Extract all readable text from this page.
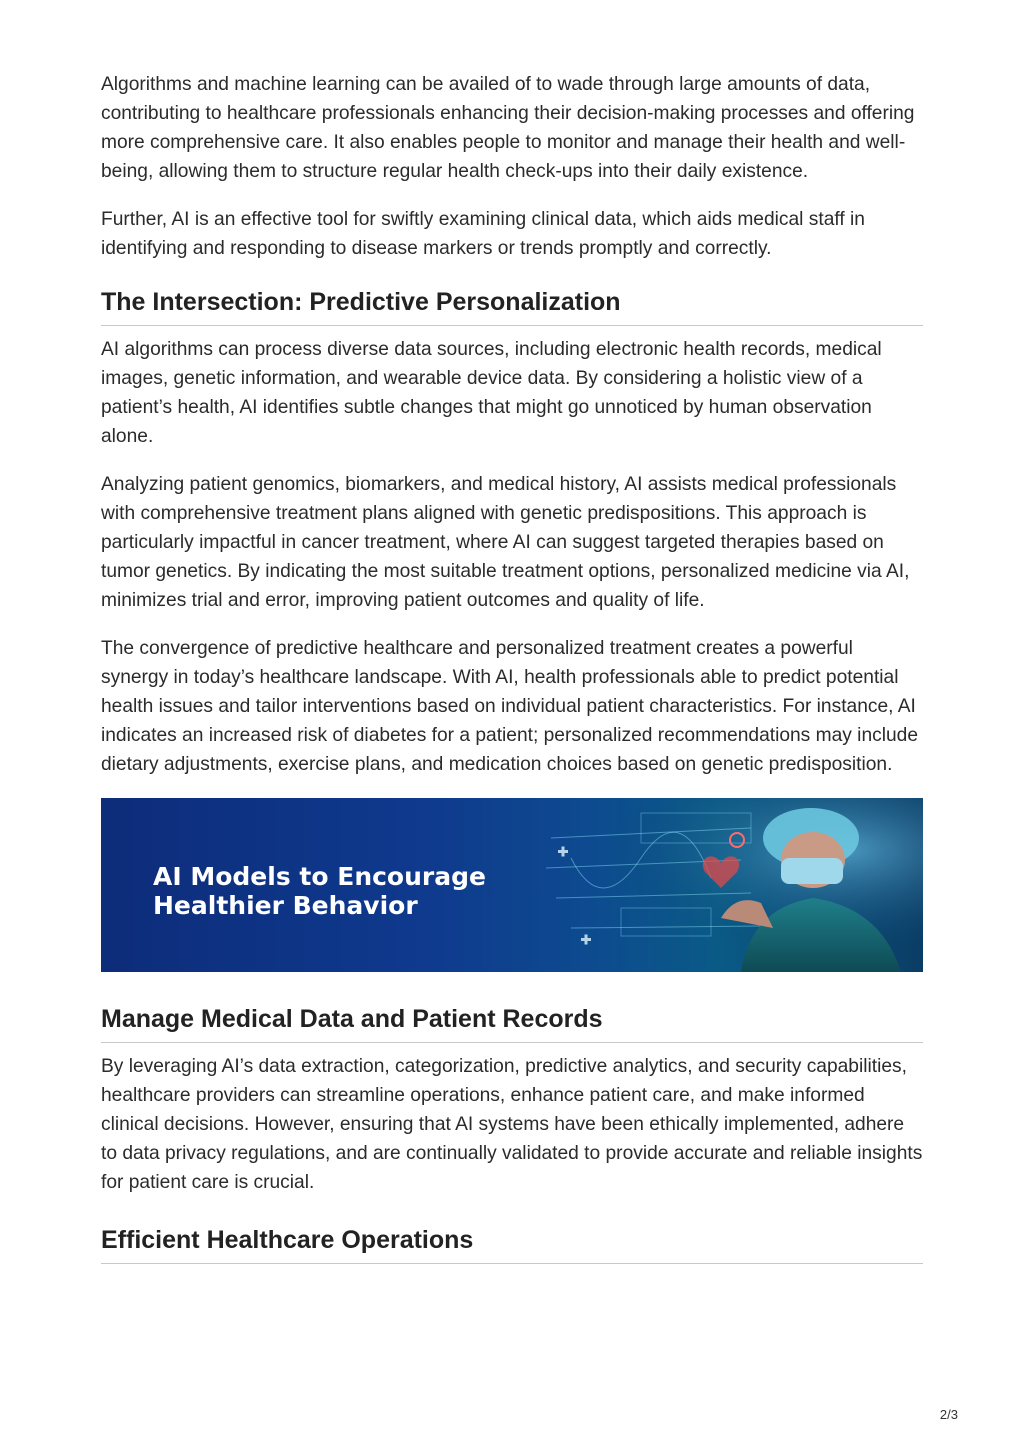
Algorithms and machine learning can be availed of to wade through large amounts of data, contributing to healthcare professionals enhancing their decision-making processes and offering more comprehensive care. It also enables people to monitor and manage their health and well-being, allowing them to structure regular health check-ups into their daily existence.

Further, AI is an effective tool for swiftly examining clinical data, which aids medical staff in identifying and responding to disease markers or trends promptly and correctly.

The Intersection: Predictive Personalization

AI algorithms can process diverse data sources, including electronic health records, medical images, genetic information, and wearable device data. By considering a holistic view of a patient’s health, AI identifies subtle changes that might go unnoticed by human observation alone.

Analyzing patient genomics, biomarkers, and medical history, AI assists medical professionals with comprehensive treatment plans aligned with genetic predispositions. This approach is particularly impactful in cancer treatment, where AI can suggest targeted therapies based on tumor genetics. By indicating the most suitable treatment options, personalized medicine via AI, minimizes trial and error, improving patient outcomes and quality of life.

The convergence of predictive healthcare and personalized treatment creates a powerful synergy in today’s healthcare landscape. With AI, health professionals able to predict potential health issues and tailor interventions based on individual patient characteristics. For instance, AI indicates an increased risk of diabetes for a patient; personalized recommendations may include dietary adjustments, exercise plans, and medication choices based on genetic predisposition.

AI Models to Encourage
Healthier Behavior
Manage Medical Data and Patient Records

By leveraging AI’s data extraction, categorization, predictive analytics, and security capabilities, healthcare providers can streamline operations, enhance patient care, and make informed clinical decisions. However, ensuring that AI systems have been ethically implemented, adhere to data privacy regulations, and are continually validated to provide accurate and reliable insights for patient care is crucial.

Efficient Healthcare Operations
2/3
